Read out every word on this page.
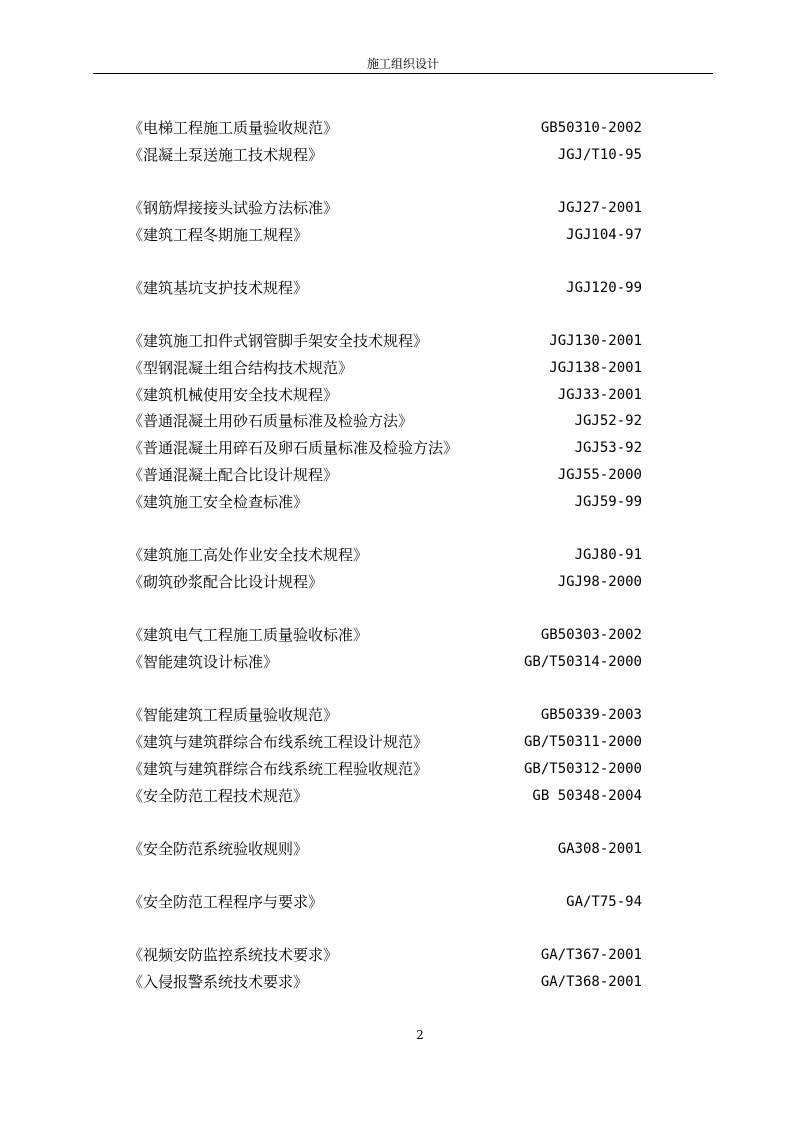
施工组织设计
《电梯工程施工质量验收规范》	GB50310-2002
《混凝土泵送施工技术规程》	JGJ/T10-95
《钢筋焊接接头试验方法标准》	JGJ27-2001
《建筑工程冬期施工规程》	JGJ104-97
《建筑基坑支护技术规程》	JGJ120-99
《建筑施工扣件式钢管脚手架安全技术规程》	JGJ130-2001
《型钢混凝土组合结构技术规范》	JGJ138-2001
《建筑机械使用安全技术规程》	JGJ33-2001
《普通混凝土用砂石质量标准及检验方法》	JGJ52-92
《普通混凝土用碎石及卵石质量标准及检验方法》	JGJ53-92
《普通混凝土配合比设计规程》	JGJ55-2000
《建筑施工安全检查标准》	JGJ59-99
《建筑施工高处作业安全技术规程》	JGJ80-91
《砌筑砂浆配合比设计规程》	JGJ98-2000
《建筑电气工程施工质量验收标准》	GB50303-2002
《智能建筑设计标准》	GB/T50314-2000
《智能建筑工程质量验收规范》	GB50339-2003
《建筑与建筑群综合布线系统工程设计规范》	GB/T50311-2000
《建筑与建筑群综合布线系统工程验收规范》	GB/T50312-2000
《安全防范工程技术规范》	GB 50348-2004
《安全防范系统验收规则》	GA308-2001
《安全防范工程程序与要求》	GA/T75-94
《视频安防监控系统技术要求》	GA/T367-2001
《入侵报警系统技术要求》	GA/T368-2001
2
